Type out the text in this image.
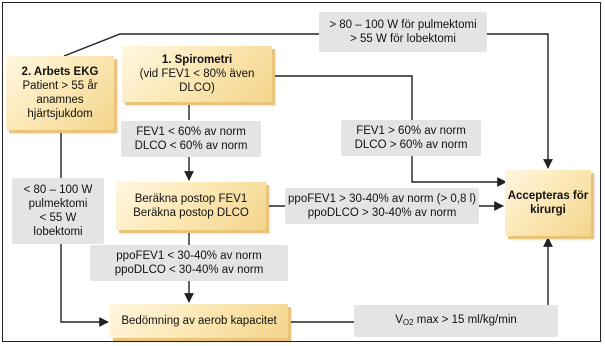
> 80 – 100 W för pulmektomi
> 55 W för lobektomi
2. Arbets EKG
Patient > 55 år
anamnes
hjärtsjukdom
1. Spirometri
(vid FEV1 < 80% även
DLCO)
FEV1 < 60% av norm
DLCO < 60% av norm
FEV1 > 60% av norm
DLCO > 60% av norm
< 80 – 100 W
pulmektomi
< 55 W
lobektomi
Beräkna postop FEV1
Beräkna postop DLCO
ppoFEV1 > 30-40% av norm (> 0,8 l)
ppoDLCO > 30-40% av norm
Accepteras för
kirurgi
ppoFEV1 < 30-40% av norm
ppoDLCO < 30-40% av norm
Bedömning av aerob kapacitet	$V_{O2}$ max > 15 ml/kg/min
